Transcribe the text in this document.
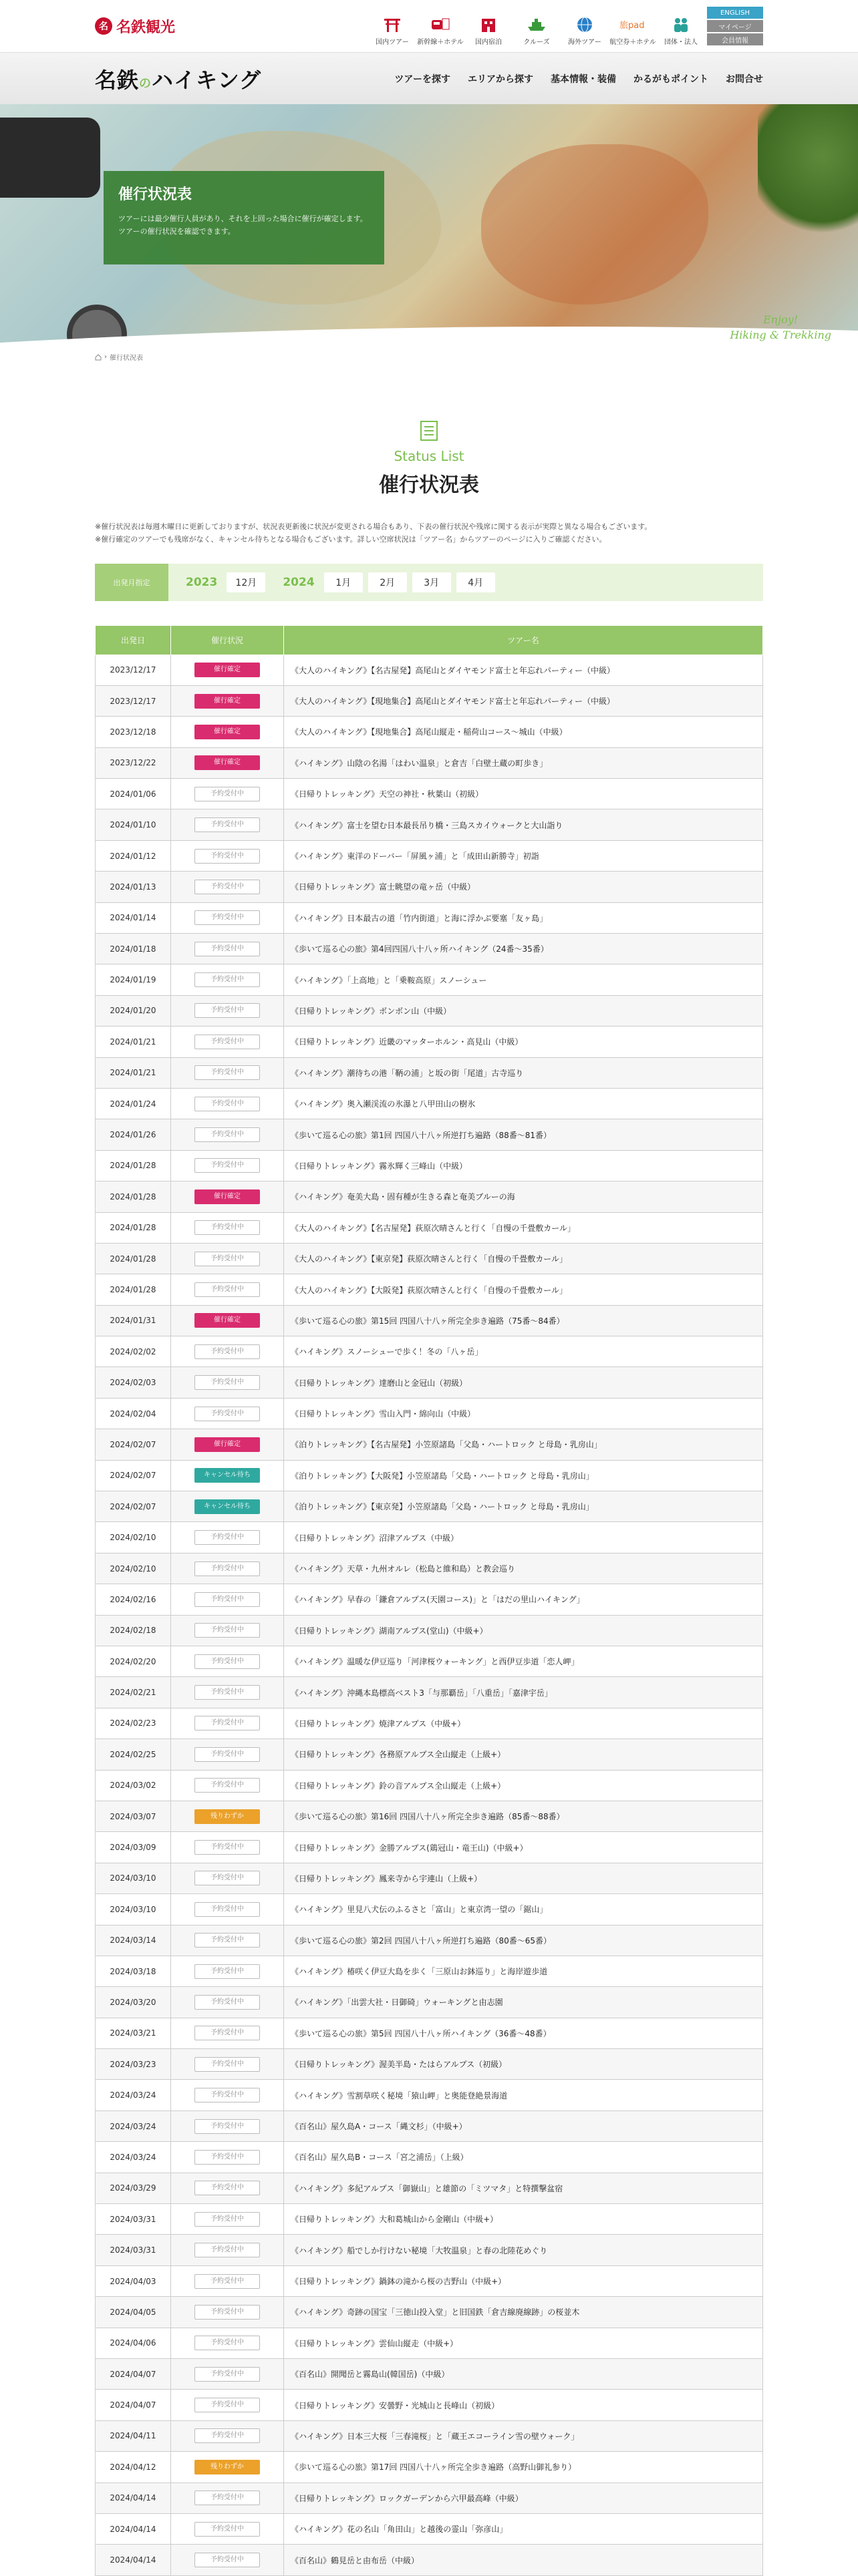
名 名鉄観光
国内ツアー 新幹線＋ホテル 国内宿泊	クルーズ	海外ツアー
旅pad
航空券＋ホテル 団体・法人
ENGLISH
マイページ
会員情報
名鉄のハイキング	ツアーを探す エリアから探す 基本情報・装備 かるがもポイント お問合せ
催行状況表

ツアーには最少催行人員があり、それを上回った場合に催行が確定します。ツアーの催行状況を確認できます。

Enjoy!
Hiking & Trekking
› 催行状況表
Status List
催行状況表

※催行状況表は毎週木曜日に更新しておりますが、状況表更新後に状況が変更される場合もあり、下表の催行状況や残席に関する表示が実際と異なる場合もございます。

※催行確定のツアーでも残席がなく、キャンセル待ちとなる場合もございます。詳しい空席状況は「ツアー名」からツアーのページに入りご確認ください。

出発月指定	2023	12月	2024	1月	2月	3月	4月
出発日	催行状況	ツアー名
2023/12/17	催行確定	《大人のハイキング》【名古屋発】高尾山とダイヤモンド富士と年忘れパーティー（中級）
2023/12/17	催行確定	《大人のハイキング》【現地集合】高尾山とダイヤモンド富士と年忘れパーティー（中級）
2023/12/18	催行確定	《大人のハイキング》【現地集合】高尾山縦走・稲荷山コース〜城山（中級）
2023/12/22	催行確定	《ハイキング》山陰の名湯「はわい温泉」と倉吉「白壁土蔵の町歩き」
2024/01/06	予約受付中	《日帰りトレッキング》天空の神社・秋葉山（初級）
2024/01/10	予約受付中	《ハイキング》富士を望む日本最長吊り橋・三島スカイウォークと大山詣り
2024/01/12	予約受付中	《ハイキング》東洋のドーバー「屏風ヶ浦」と「成田山新勝寺」初詣
2024/01/13	予約受付中	《日帰りトレッキング》富士眺望の竜ヶ岳（中級）
2024/01/14	予約受付中	《ハイキング》日本最古の道「竹内街道」と海に浮かぶ要塞「友ヶ島」
2024/01/18	予約受付中	《歩いて巡る心の旅》第4回四国八十八ヶ所ハイキング（24番〜35番）
2024/01/19	予約受付中	《ハイキング》「上高地」と「乗鞍高原」スノーシュー
2024/01/20	予約受付中	《日帰りトレッキング》ボンボン山（中級）
2024/01/21	予約受付中	《日帰りトレッキング》近畿のマッターホルン・高見山（中級）
2024/01/21	予約受付中	《ハイキング》潮待ちの港「鞆の浦」と坂の街「尾道」古寺巡り
2024/01/24	予約受付中	《ハイキング》奥入瀬渓流の氷瀑と八甲田山の樹氷
2024/01/26	予約受付中	《歩いて巡る心の旅》第1回 四国八十八ヶ所逆打ち遍路（88番〜81番）
2024/01/28	予約受付中	《日帰りトレッキング》霧氷輝く三峰山（中級）
2024/01/28	催行確定	《ハイキング》奄美大島・固有種が生きる森と奄美ブルーの海
2024/01/28	予約受付中	《大人のハイキング》【名古屋発】荻原次晴さんと行く「自慢の千畳敷カール」
2024/01/28	予約受付中	《大人のハイキング》【東京発】荻原次晴さんと行く「自慢の千畳敷カール」
2024/01/28	予約受付中	《大人のハイキング》【大阪発】荻原次晴さんと行く「自慢の千畳敷カール」
2024/01/31	催行確定	《歩いて巡る心の旅》第15回 四国八十八ヶ所完全歩き遍路（75番〜84番）
2024/02/02	予約受付中	《ハイキング》スノーシューで歩く！冬の「八ヶ岳」
2024/02/03	予約受付中	《日帰りトレッキング》達磨山と金冠山（初級）
2024/02/04	予約受付中	《日帰りトレッキング》雪山入門・綿向山（中級）
2024/02/07	催行確定	《泊りトレッキング》【名古屋発】小笠原諸島「父島・ハートロック と母島・乳房山」
2024/02/07	キャンセル待ち	《泊りトレッキング》【大阪発】小笠原諸島「父島・ハートロック と母島・乳房山」
2024/02/07	キャンセル待ち	《泊りトレッキング》【東京発】小笠原諸島「父島・ハートロック と母島・乳房山」
2024/02/10	予約受付中	《日帰りトレッキング》沼津アルプス（中級）
2024/02/10	予約受付中	《ハイキング》天草・九州オルレ（松島と維和島）と教会巡り
2024/02/16	予約受付中	《ハイキング》早春の「鎌倉アルプス(天園コース)」と「はだの里山ハイキング」
2024/02/18	予約受付中	《日帰りトレッキング》湖南アルプス(堂山)（中級+）
2024/02/20	予約受付中	《ハイキング》温暖な伊豆巡り「河津桜ウォーキング」と西伊豆歩道「恋人岬」
2024/02/21	予約受付中	《ハイキング》沖縄本島標高ベスト3「与那覇岳」「八重岳」「嘉津宇岳」
2024/02/23	予約受付中	《日帰りトレッキング》焼津アルプス（中級+）
2024/02/25	予約受付中	《日帰りトレッキング》各務原アルプス全山縦走（上級+）
2024/03/02	予約受付中	《日帰りトレッキング》鈴の音アルプス全山縦走（上級+）
2024/03/07	残りわずか	《歩いて巡る心の旅》第16回 四国八十八ヶ所完全歩き遍路（85番〜88番）
2024/03/09	予約受付中	《日帰りトレッキング》金勝アルプス(鶏冠山・竜王山)（中級+）
2024/03/10	予約受付中	《日帰りトレッキング》鳳来寺から宇連山（上級+）
2024/03/10	予約受付中	《ハイキング》里見八犬伝のふるさと「富山」と東京湾一望の「鋸山」
2024/03/14	予約受付中	《歩いて巡る心の旅》第2回 四国八十八ヶ所逆打ち遍路（80番〜65番）
2024/03/18	予約受付中	《ハイキング》椿咲く伊豆大島を歩く「三原山お鉢巡り」と海岸遊歩道
2024/03/20	予約受付中	《ハイキング》「出雲大社・日御碕」ウォーキングと由志園
2024/03/21	予約受付中	《歩いて巡る心の旅》第5回 四国八十八ヶ所ハイキング（36番〜48番）
2024/03/23	予約受付中	《日帰りトレッキング》渥美半島・たはらアルプス（初級）
2024/03/24	予約受付中	《ハイキング》雪割草咲く秘境「猿山岬」と奥能登絶景海道
2024/03/24	予約受付中	《百名山》屋久島A・コース「縄文杉」（中級+）
2024/03/24	予約受付中	《百名山》屋久島B・コース「宮之浦岳」（上級）
2024/03/29	予約受付中	《ハイキング》多紀アルプス「御嶽山」と雄節の「ミツマタ」と特撰撃盆宿
2024/03/31	予約受付中	《日帰りトレッキング》大和葛城山から金剛山（中級+）
2024/03/31	予約受付中	《ハイキング》船でしか行けない秘境「大牧温泉」と春の北陸花めぐり
2024/04/03	予約受付中	《日帰りトレッキング》鍋鉢の滝から桜の吉野山（中級+）
2024/04/05	予約受付中	《ハイキング》奇跡の国宝「三徳山投入堂」と旧国鉄「倉吉線廃線跡」の桜並木
2024/04/06	予約受付中	《日帰りトレッキング》雲仙山縦走（中級+）
2024/04/07	予約受付中	《百名山》開聞岳と霧島山(韓国岳)（中級）
2024/04/07	予約受付中	《日帰りトレッキング》安曇野・光城山と長峰山（初級）
2024/04/11	予約受付中	《ハイキング》日本三大桜「三春滝桜」と「蔵王エコーライン雪の壁ウォーク」
2024/04/12	残りわずか	《歩いて巡る心の旅》第17回 四国八十八ヶ所完全歩き遍路（高野山御礼参り）
2024/04/14	予約受付中	《日帰りトレッキング》ロックガーデンから六甲最高峰（中級）
2024/04/14	予約受付中	《ハイキング》花の名山「角田山」と越後の霊山「弥彦山」
2024/04/14	予約受付中	《百名山》鶴見岳と由布岳（中級）
